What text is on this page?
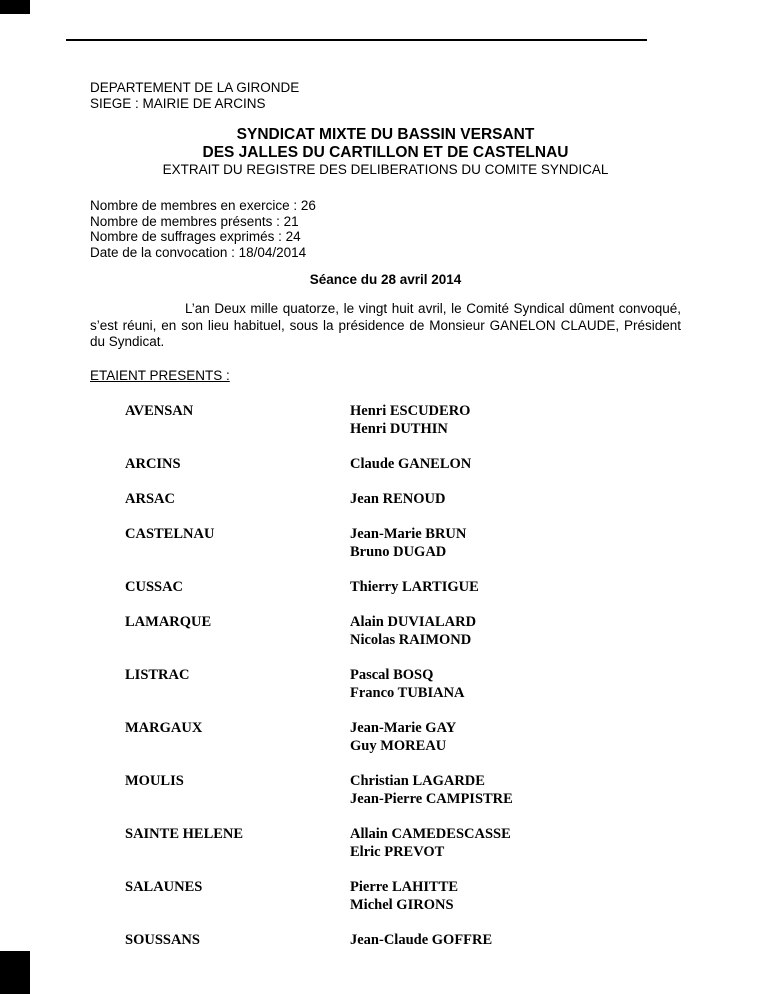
DEPARTEMENT DE LA GIRONDE
SIEGE : MAIRIE DE ARCINS
SYNDICAT MIXTE DU BASSIN VERSANT
DES JALLES DU CARTILLON ET DE CASTELNAU
EXTRAIT DU REGISTRE DES DELIBERATIONS DU COMITE SYNDICAL
Nombre de membres en exercice : 26
Nombre de membres présents : 21
Nombre de suffrages exprimés : 24
Date de la convocation : 18/04/2014
Séance du 28 avril 2014
L’an Deux mille quatorze, le vingt huit avril, le Comité Syndical dûment convoqué, s’est réuni, en son lieu habituel, sous la présidence de Monsieur GANELON CLAUDE, Président du Syndicat.
ETAIENT PRESENTS :
AVENSAN	Henri ESCUDERO
Henri DUTHIN
ARCINS	Claude GANELON
ARSAC	Jean RENOUD
CASTELNAU	Jean-Marie BRUN
Bruno DUGAD
CUSSAC	Thierry LARTIGUE
LAMARQUE	Alain DUVIALARD
Nicolas RAIMOND
LISTRAC	Pascal BOSQ
Franco TUBIANA
MARGAUX	Jean-Marie GAY
Guy MOREAU
MOULIS	Christian LAGARDE
Jean-Pierre CAMPISTRE
SAINTE HELENE	Allain CAMEDESCASSE
Elric PREVOT
SALAUNES	Pierre LAHITTE
Michel GIRONS
SOUSSANS	Jean-Claude GOFFRE
